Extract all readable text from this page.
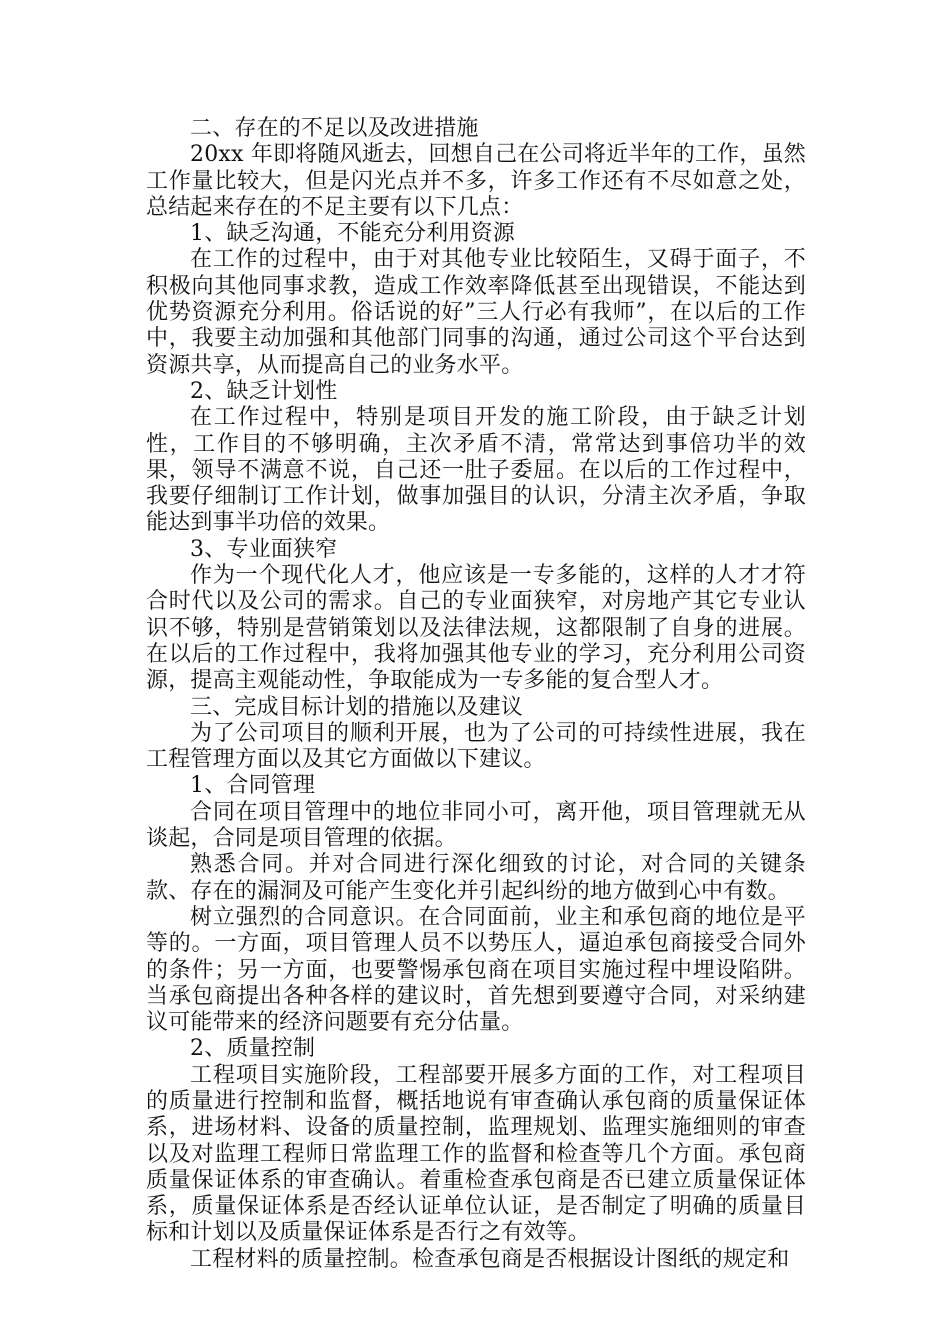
二、存在的不足以及改进措施

20xx 年即将随风逝去，回想自己在公司将近半年的工作，虽然工作量比较大，但是闪光点并不多，许多工作还有不尽如意之处，总结起来存在的不足主要有以下几点：

1、缺乏沟通，不能充分利用资源

在工作的过程中，由于对其他专业比较陌生，又碍于面子，不积极向其他同事求教，造成工作效率降低甚至出现错误，不能达到优势资源充分利用。俗话说的好”三人行必有我师”，在以后的工作中，我要主动加强和其他部门同事的沟通，通过公司这个平台达到资源共享，从而提高自己的业务水平。

2、缺乏计划性

在工作过程中，特别是项目开发的施工阶段，由于缺乏计划性，工作目的不够明确，主次矛盾不清，常常达到事倍功半的效果，领导不满意不说，自己还一肚子委屈。在以后的工作过程中，我要仔细制订工作计划，做事加强目的认识，分清主次矛盾，争取能达到事半功倍的效果。

3、专业面狭窄

作为一个现代化人才，他应该是一专多能的，这样的人才才符合时代以及公司的需求。自己的专业面狭窄，对房地产其它专业认识不够，特别是营销策划以及法律法规，这都限制了自身的进展。在以后的工作过程中，我将加强其他专业的学习，充分利用公司资源，提高主观能动性，争取能成为一专多能的复合型人才。

三、完成目标计划的措施以及建议

为了公司项目的顺利开展，也为了公司的可持续性进展，我在工程管理方面以及其它方面做以下建议。

1、合同管理

合同在项目管理中的地位非同小可，离开他，项目管理就无从谈起，合同是项目管理的依据。

熟悉合同。并对合同进行深化细致的讨论，对合同的关键条款、存在的漏洞及可能产生变化并引起纠纷的地方做到心中有数。

树立强烈的合同意识。在合同面前，业主和承包商的地位是平等的。一方面，项目管理人员不以势压人，逼迫承包商接受合同外的条件；另一方面，也要警惕承包商在项目实施过程中埋设陷阱。当承包商提出各种各样的建议时，首先想到要遵守合同，对采纳建议可能带来的经济问题要有充分估量。

2、质量控制

工程项目实施阶段，工程部要开展多方面的工作，对工程项目的质量进行控制和监督，概括地说有审查确认承包商的质量保证体系，进场材料、设备的质量控制，监理规划、监理实施细则的审查以及对监理工程师日常监理工作的监督和检查等几个方面。承包商质量保证体系的审查确认。着重检查承包商是否已建立质量保证体系，质量保证体系是否经认证单位认证，是否制定了明确的质量目标和计划以及质量保证体系是否行之有效等。

工程材料的质量控制。检查承包商是否根据设计图纸的规定和
